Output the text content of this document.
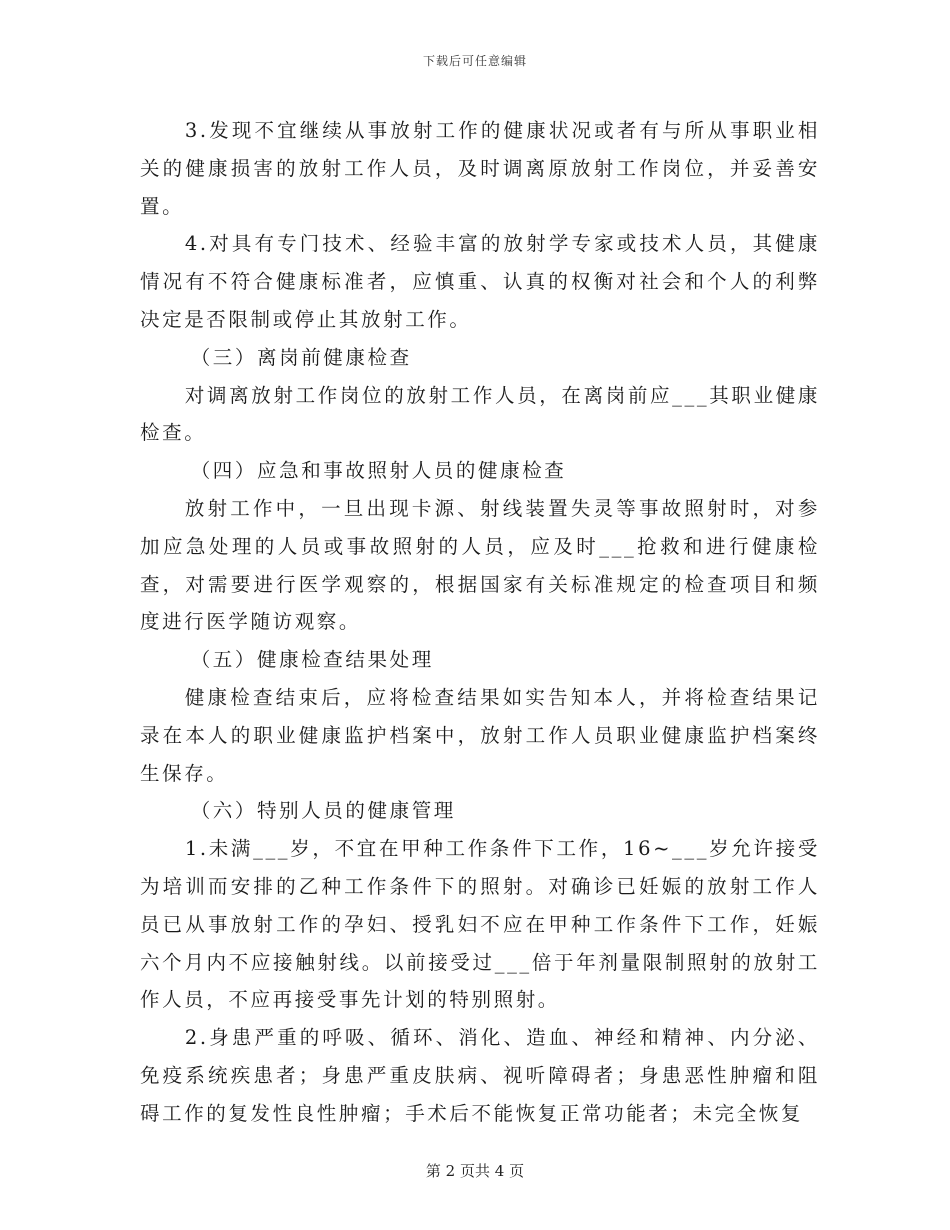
下载后可任意编辑

3.发现不宜继续从事放射工作的健康状况或者有与所从事职业相关的健康损害的放射工作人员，及时调离原放射工作岗位，并妥善安置。

4.对具有专门技术、经验丰富的放射学专家或技术人员，其健康情况有不符合健康标准者，应慎重、认真的权衡对社会和个人的利弊决定是否限制或停止其放射工作。

（三）离岗前健康检查

对调离放射工作岗位的放射工作人员，在离岗前应___其职业健康检查。

（四）应急和事故照射人员的健康检查

放射工作中，一旦出现卡源、射线装置失灵等事故照射时，对参加应急处理的人员或事故照射的人员，应及时___抢救和进行健康检查，对需要进行医学观察的，根据国家有关标准规定的检查项目和频度进行医学随访观察。

（五）健康检查结果处理

健康检查结束后，应将检查结果如实告知本人，并将检查结果记录在本人的职业健康监护档案中，放射工作人员职业健康监护档案终生保存。

（六）特别人员的健康管理

1.未满___岁，不宜在甲种工作条件下工作，16~___岁允许接受为培训而安排的乙种工作条件下的照射。对确诊已妊娠的放射工作人员已从事放射工作的孕妇、授乳妇不应在甲种工作条件下工作，妊娠六个月内不应接触射线。以前接受过___倍于年剂量限制照射的放射工作人员，不应再接受事先计划的特别照射。

2.身患严重的呼吸、循环、消化、造血、神经和精神、内分泌、免疫系统疾患者；身患严重皮肤病、视听障碍者；身患恶性肿瘤和阻碍工作的复发性良性肿瘤；手术后不能恢复正常功能者；未完全恢复

第 2 页共 4 页
